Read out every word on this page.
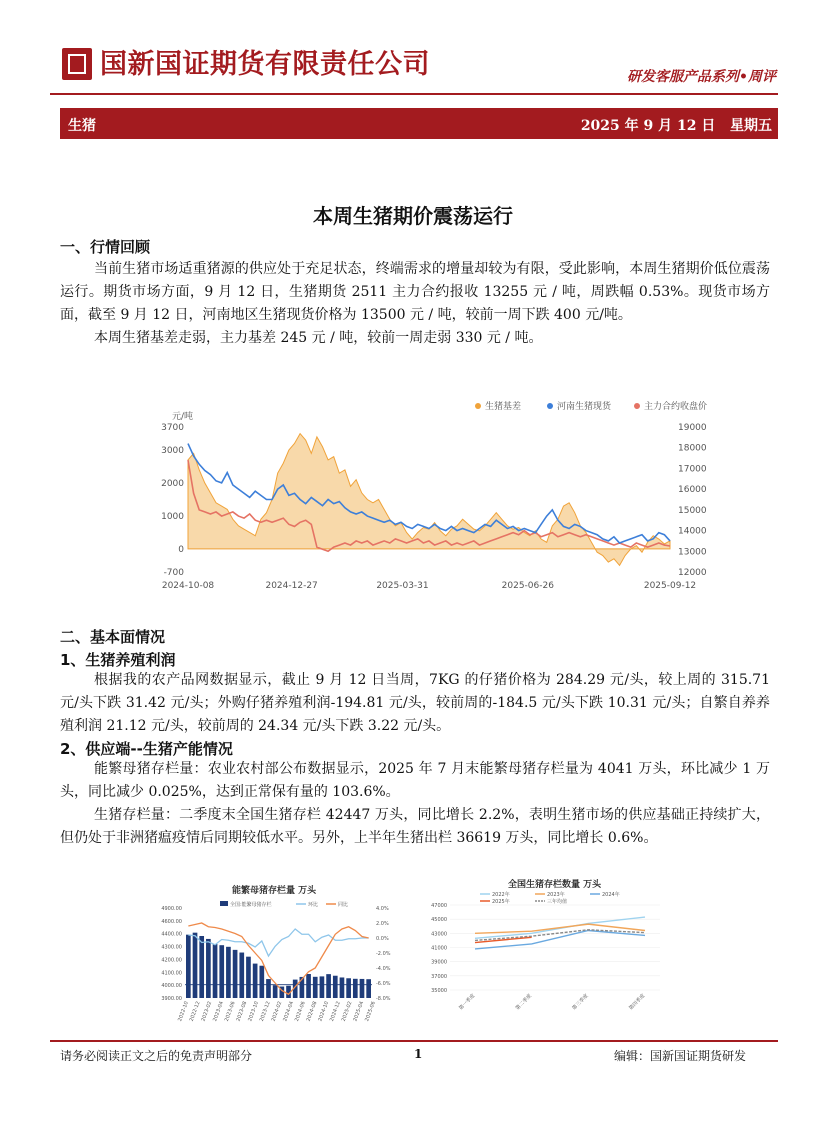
国新国证期货有限责任公司	研发客服产品系列•周评
生猪	2025 年 9 月 12 日 星期五
本周生猪期价震荡运行
一、行情回顾

当前生猪市场适重猪源的供应处于充足状态，终端需求的增量却较为有限，受此影响，本周生猪期价低位震荡运行。期货市场方面，9 月 12 日，生猪期货 2511 主力合约报收 13255 元 / 吨，周跌幅 0.53%。现货市场方面，截至 9 月 12 日，河南地区生猪现货价格为 13500 元 / 吨，较前一周下跌 400 元/吨。

本周生猪基差走弱，主力基差 245 元 / 吨，较前一周走弱 330 元 / 吨。

生猪基差	河南生猪现货	主力合约收盘价
元/吨
3700
3000
2000
1000
0
-700
19000
18000
17000
16000
15000
14000
13000
12000
2024-10-08	2024-12-27	2025-03-31	2025-06-26	2025-09-12
二、基本面情况
1、生猪养殖利润

根据我的农产品网数据显示，截止 9 月 12 日当周，7KG 的仔猪价格为 284.29 元/头，较上周的 315.71 元/头下跌 31.42 元/头；外购仔猪养殖利润-194.81 元/头，较前周的-184.5 元/头下跌 10.31 元/头；自繁自养养殖利润 21.12 元/头，较前周的 24.34 元/头下跌 3.22 元/头。

2、供应端--生猪产能情况

能繁母猪存栏量：农业农村部公布数据显示，2025 年 7 月末能繁母猪存栏量为 4041 万头，环比减少 1 万头，同比减少 0.025%，达到正常保有量的 103.6%。

生猪存栏量：二季度末全国生猪存栏 42447 万头，同比增长 2.2%，表明生猪市场的供应基础正持续扩大，但仍处于非洲猪瘟疫情后同期较低水平。另外，上半年生猪出栏 36619 万头，同比增长 0.6%。

能繁母猪存栏量 万头
全国:能繁母猪存栏	环比	同比
4900.00
4600.00
4400.00
4300.00
4200.00
4100.00
4000.00
3900.00
4.0%
2.0%
0.0%
-2.0%
-4.0%
-6.0%
-8.0%
2022-10
2022-12
2023-02
2023-04
2023-06
2023-08
2023-10
2023-12
2024-02
2024-04
2024-06
2024-08
2024-10
2024-12
2025-02
2025-04
2025-06
全国生猪存栏数量 万头
2022年	2023年	2024年
2025年	三年均值
47000
45000
43000
41000
39000
37000
35000
第一季度	第二季度	第三季度	第四季度
请务必阅读正文之后的免责声明部分	1	编辑：国新国证期货研发
